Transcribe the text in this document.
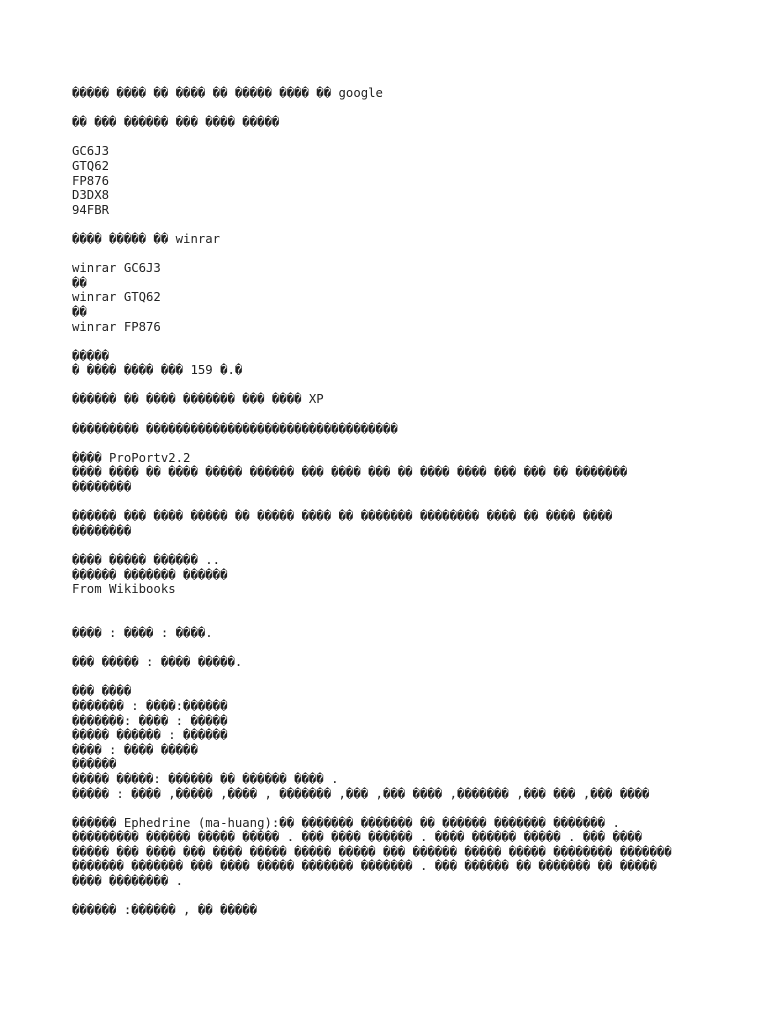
����� ���� �� ���� �� ����� ���� �� google
�� ��� ������ ��� ���� �����
GC6J3
GTQ62
FP876
D3DX8
94FBR
���� ����� �� winrar
winrar GC6J3
��
winrar GTQ62
��
winrar FP876
�����
� ���� ���� ��� 159 �.�
������ �� ���� ������� ��� ���� XP
��������� ����������������������������������
���� ProPortv2.2
���� ���� �� ���� ����� ������ ��� ���� ��� �� ���� ���� ��� ��� �� �������
��������
������ ��� ���� ����� �� ����� ���� �� ������� �������� ���� �� ���� ����
��������
���� ����� ������ ..
������ ������� ������
From Wikibooks
���� : ���� : ����.
��� ����� : ���� �����.
��� ����
������� : ����:������
�������: ���� : �����
����� ������ : ������
���� : ���� �����
������
����� �����: ������ �� ������ ���� .
����� : ���� ,����� ,���� , ������� ,��� ,��� ���� ,������� ,��� ��� ,��� ����
������ Ephedrine (ma-huang):�� ������� ������� �� ������ ������� ������� .
��������� ������ ����� ����� . ��� ���� ������ . ���� ������ ����� . ��� ����
����� ��� ���� ��� ���� ����� ����� ����� ��� ������ ����� ����� �������� �������
������� ������� ��� ���� ����� ������� ������� . ��� ������ �� ������� �� �����
���� �������� .
������ :������ , �� �����
